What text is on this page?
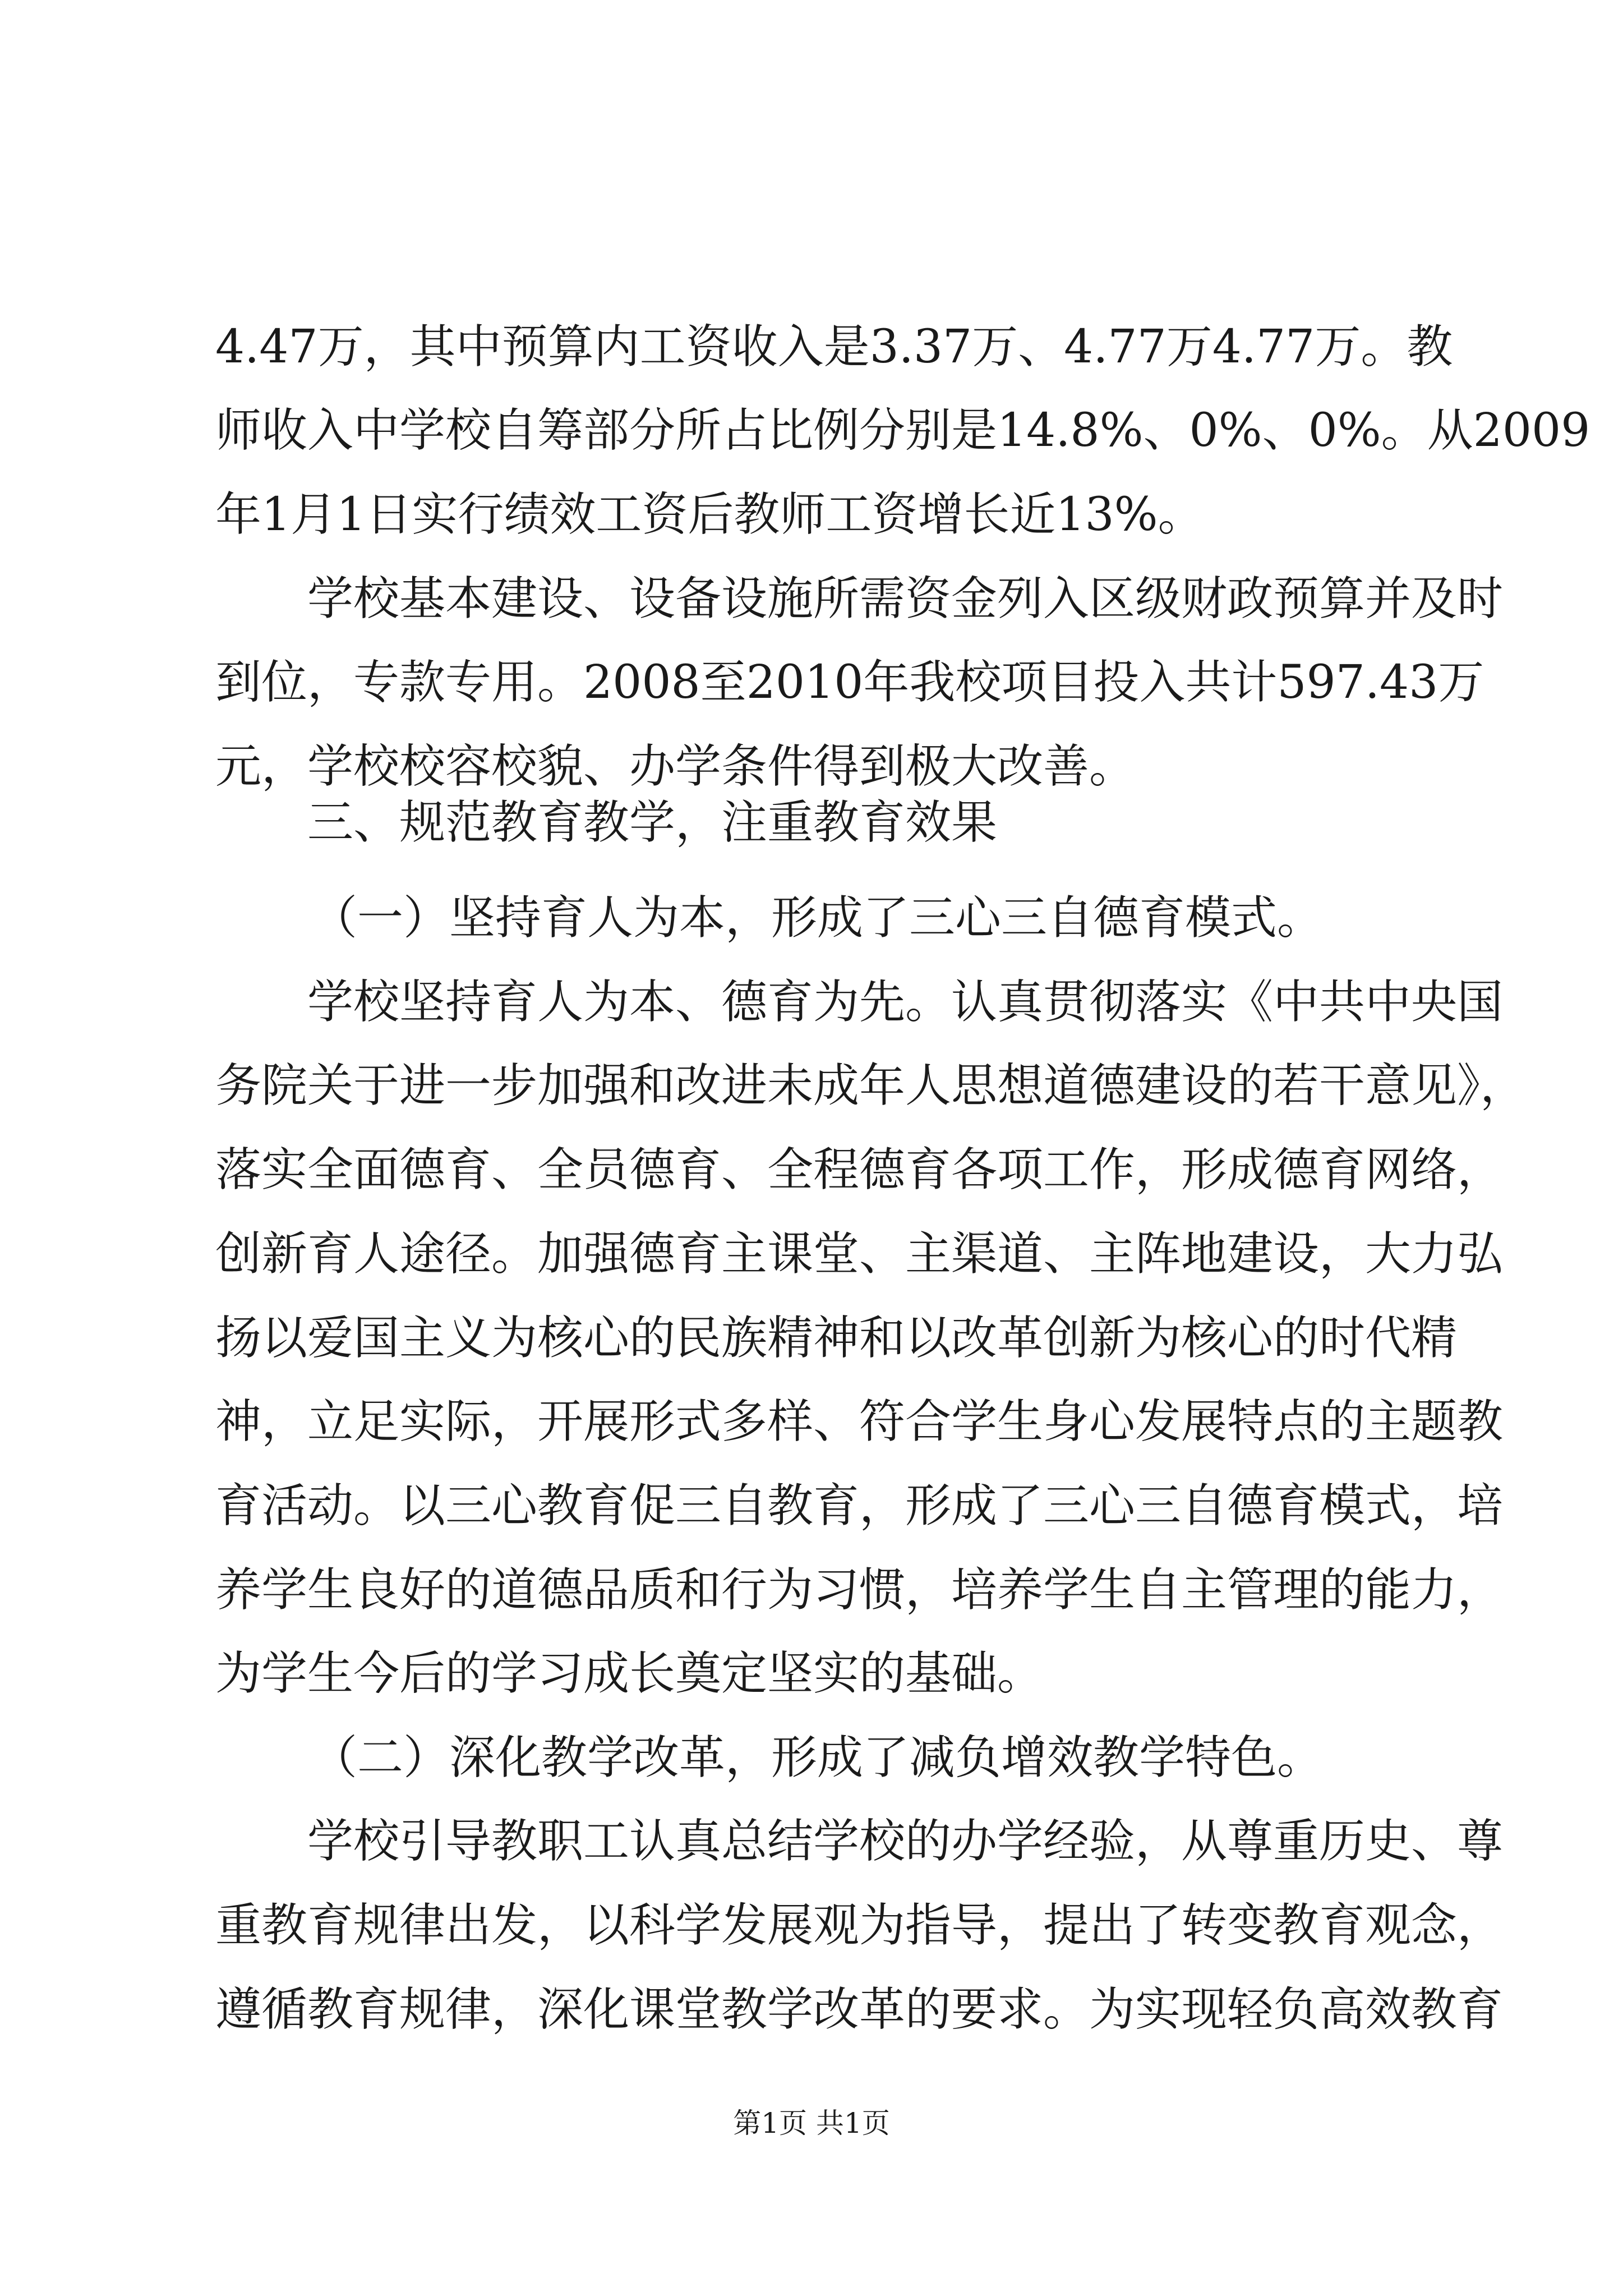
4.47万，其中预算内工资收入是3.37万、4.77万4.77万。教
师收入中学校自筹部分所占比例分别是14.8%、0%、0%。从2009
年1月1日实行绩效工资后教师工资增长近13%。
学校基本建设、设备设施所需资金列入区级财政预算并及时
到位，专款专用。2008至2010年我校项目投入共计597.43万
元，学校校容校貌、办学条件得到极大改善。
三、规范教育教学，注重教育效果
（一）坚持育人为本，形成了三心三自德育模式。
学校坚持育人为本、德育为先。认真贯彻落实《中共中央国
务院关于进一步加强和改进未成年人思想道德建设的若干意见》，
落实全面德育、全员德育、全程德育各项工作，形成德育网络，
创新育人途径。加强德育主课堂、主渠道、主阵地建设，大力弘
扬以爱国主义为核心的民族精神和以改革创新为核心的时代精
神，立足实际，开展形式多样、符合学生身心发展特点的主题教
育活动。以三心教育促三自教育，形成了三心三自德育模式，培
养学生良好的道德品质和行为习惯，培养学生自主管理的能力，
为学生今后的学习成长奠定坚实的基础。
（二）深化教学改革，形成了减负增效教学特色。
学校引导教职工认真总结学校的办学经验，从尊重历史、尊
重教育规律出发，以科学发展观为指导，提出了转变教育观念，
遵循教育规律，深化课堂教学改革的要求。为实现轻负高效教育
第1页 共1页
